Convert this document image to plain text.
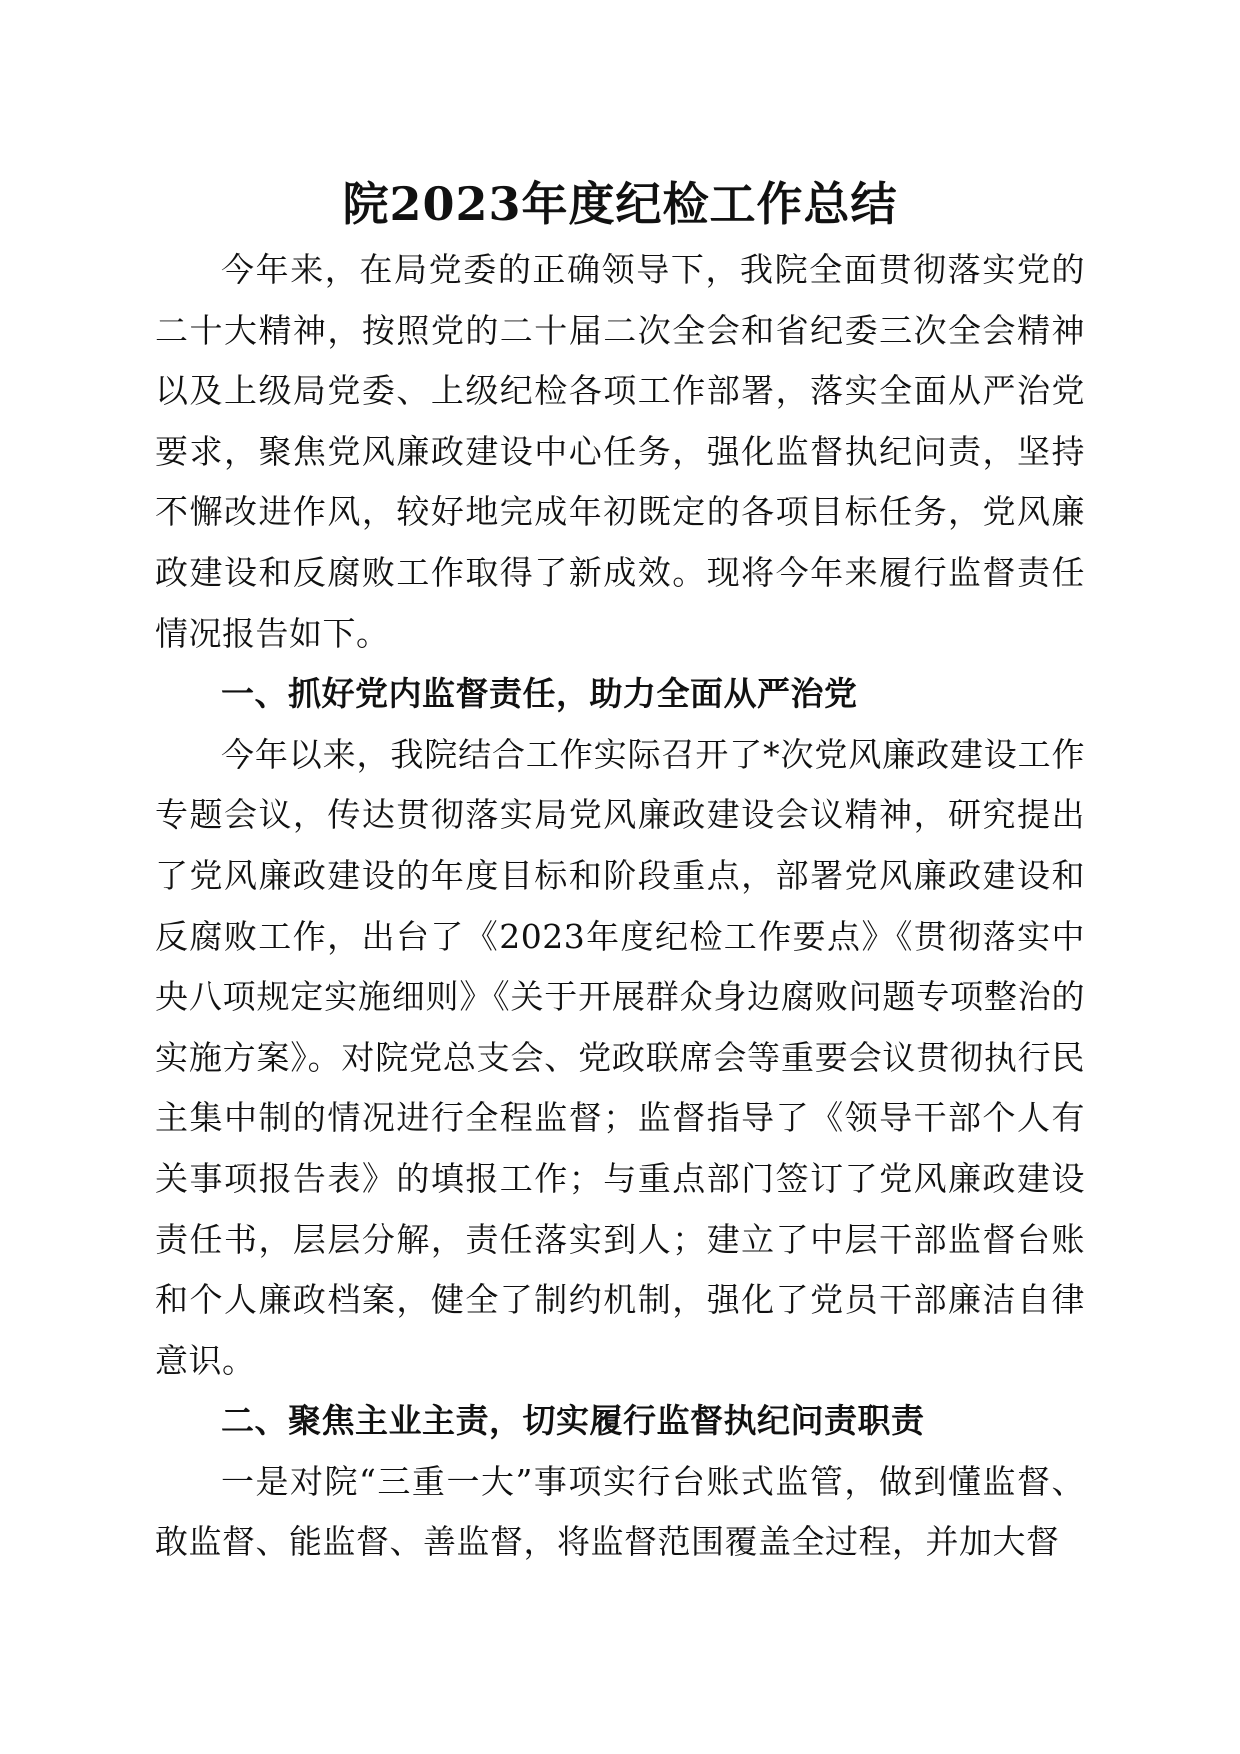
院2023年度纪检工作总结

今年来，在局党委的正确领导下，我院全面贯彻落实党的二十大精神，按照党的二十届二次全会和省纪委三次全会精神以及上级局党委、上级纪检各项工作部署，落实全面从严治党要求，聚焦党风廉政建设中心任务，强化监督执纪问责，坚持不懈改进作风，较好地完成年初既定的各项目标任务，党风廉政建设和反腐败工作取得了新成效。现将今年来履行监督责任情况报告如下。

一、抓好党内监督责任，助力全面从严治党

今年以来，我院结合工作实际召开了*次党风廉政建设工作专题会议，传达贯彻落实局党风廉政建设会议精神，研究提出了党风廉政建设的年度目标和阶段重点，部署党风廉政建设和反腐败工作，出台了《2023年度纪检工作要点》《贯彻落实中央八项规定实施细则》《关于开展群众身边腐败问题专项整治的实施方案》。对院党总支会、党政联席会等重要会议贯彻执行民主集中制的情况进行全程监督；监督指导了《领导干部个人有关事项报告表》的填报工作；与重点部门签订了党风廉政建设责任书，层层分解，责任落实到人；建立了中层干部监督台账和个人廉政档案，健全了制约机制，强化了党员干部廉洁自律意识。

二、聚焦主业主责，切实履行监督执纪问责职责

一是对院“三重一大”事项实行台账式监管，做到懂监督、敢监督、能监督、善监督，将监督范围覆盖全过程，并加大督
